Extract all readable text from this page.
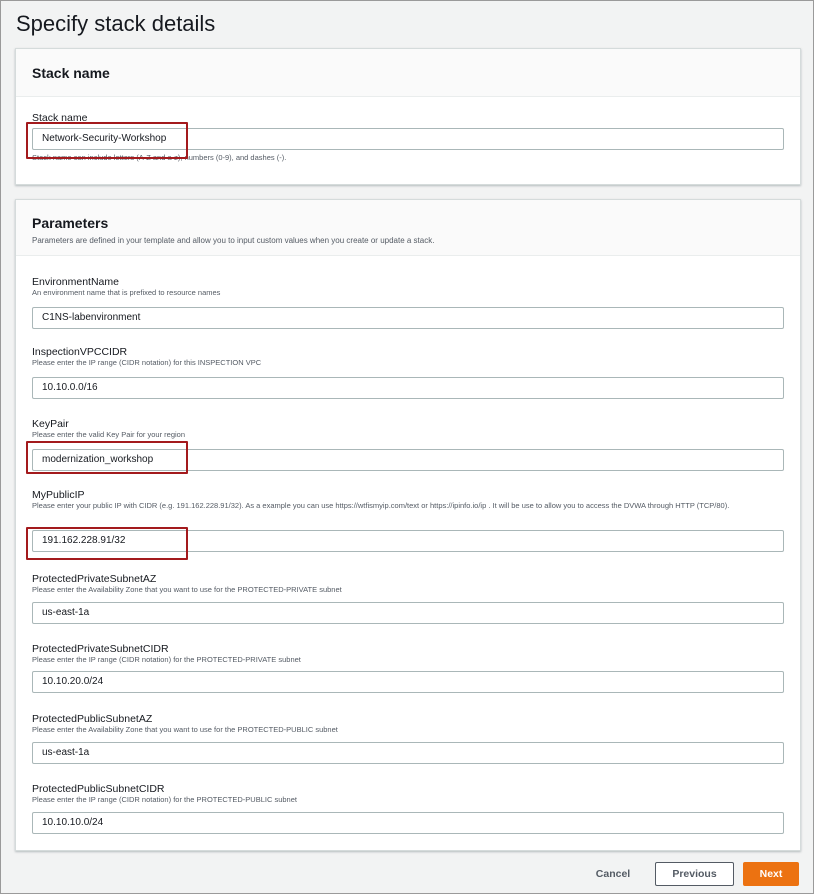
Specify stack details
Stack name
Stack name
Network-Security-Workshop
Stack name can include letters (A-Z and a-z), numbers (0-9), and dashes (-).
Parameters
Parameters are defined in your template and allow you to input custom values when you create or update a stack.
EnvironmentName
An environment name that is prefixed to resource names
C1NS-labenvironment
InspectionVPCCIDR
Please enter the IP range (CIDR notation) for this INSPECTION VPC
10.10.0.0/16
KeyPair
Please enter the valid Key Pair for your region
modernization_workshop
MyPublicIP
Please enter your public IP with CIDR (e.g. 191.162.228.91/32). As a example you can use https://wtfismyip.com/text or https://ipinfo.io/ip . It will be use to allow you to access the DVWA through HTTP (TCP/80).
191.162.228.91/32
ProtectedPrivateSubnetAZ
Please enter the Availability Zone that you want to use for the PROTECTED-PRIVATE subnet
us-east-1a
ProtectedPrivateSubnetCIDR
Please enter the IP range (CIDR notation) for the PROTECTED-PRIVATE subnet
10.10.20.0/24
ProtectedPublicSubnetAZ
Please enter the Availability Zone that you want to use for the PROTECTED-PUBLIC subnet
us-east-1a
ProtectedPublicSubnetCIDR
Please enter the IP range (CIDR notation) for the PROTECTED-PUBLIC subnet
10.10.10.0/24
Cancel	Previous	Next
